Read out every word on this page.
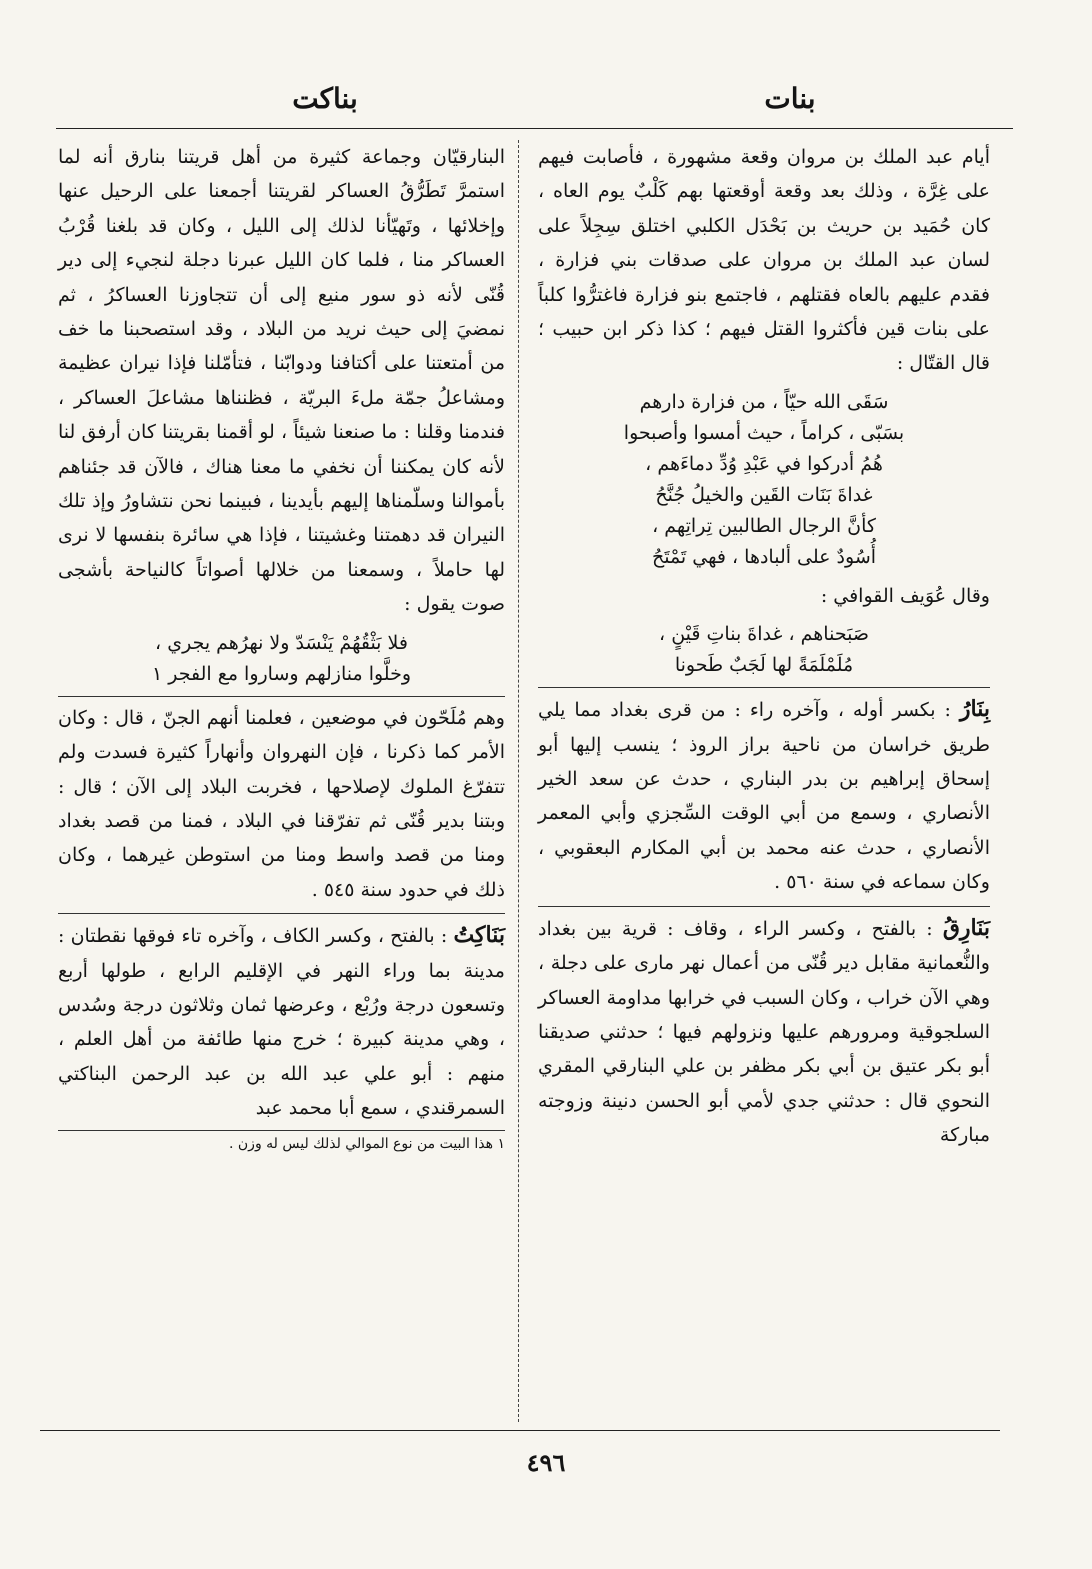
بنات
بناكت

أيام عبد الملك بن مروان وقعة مشهورة ، فأصابت فيهم على غِرَّة ، وذلك بعد وقعة أوقعتها بهم كَلْبٌ يوم العاه ، كان حُمَيد بن حريث بن بَحْدَل الكلبي اختلق سِجِلاً على لسان عبد الملك بن مروان على صدقات بني فزارة ، فقدم عليهم بالعاه فقتلهم ، فاجتمع بنو فزارة فاغترُّوا كلباً على بنات قين فأكثروا القتل فيهم ؛ كذا ذكر ابن حبيب ؛ قال القتّال :

سَقَى الله حيّاً ، من فزارة دارهم
بسَبّى ، كراماً ، حيث أمسوا وأصبحوا
هُمُ أدركوا في عَبْدِ وُدِّ دماءَهم ،
غداةَ بَنَات القَين والخيلُ جُنَّحُ
كأنَّ الرجال الطالبين تِراتِهم ،
أُسُودٌ على ألبادها ، فهي تَمْتَحُ

وقال عُوَيف القوافي :

صَبَحناهم ، غداةَ بناتِ قَيْنٍ ،
مُلَمْلَمَةً لها لَجَبٌ طَحونا

بِنَارُ : بكسر أوله ، وآخره راء : من قرى بغداد مما يلي طريق خراسان من ناحية براز الروذ ؛ ينسب إليها أبو إسحاق إبراهيم بن بدر البناري ، حدث عن سعد الخير الأنصاري ، وسمع من أبي الوقت السِّجزي وأبي المعمر الأنصاري ، حدث عنه محمد بن أبي المكارم البعقوبي ، وكان سماعه في سنة ٥٦٠ .

بَنَارِقُ : بالفتح ، وكسر الراء ، وقاف : قرية بين بغداد والنُّعمانية مقابل دير قُنّى من أعمال نهر مارى على دجلة ، وهي الآن خراب ، وكان السبب في خرابها مداومة العساكر السلجوقية ومرورهم عليها ونزولهم فيها ؛ حدثني صديقنا أبو بكر عتيق بن أبي بكر مظفر بن علي البنارقي المقري النحوي قال : حدثني جدي لأمي أبو الحسن دنينة وزوجته مباركة

البنارقيّان وجماعة كثيرة من أهل قريتنا بنارق أنه لما استمرَّ تَطَرُّقُ العساكر لقريتنا أجمعنا على الرحيل عنها وإخلائها ، وتَهيّأنا لذلك إلى الليل ، وكان قد بلغنا قُرْبُ العساكر منا ، فلما كان الليل عبرنا دجلة لنجيء إلى دير قُنّى لأنه ذو سور منيع إلى أن تتجاوزنا العساكرُ ، ثم نمضيَ إلى حيث نريد من البلاد ، وقد استصحبنا ما خف من أمتعتنا على أكتافنا ودوابّنا ، فتأمّلنا فإذا نيران عظيمة ومشاعلُ جمّة ملءَ البريّة ، فظنناها مشاعلَ العساكر ، فندمنا وقلنا : ما صنعنا شيئاً ، لو أقمنا بقريتنا كان أرفق لنا لأنه كان يمكننا أن نخفي ما معنا هناك ، فالآن قد جئناهم بأموالنا وسلّمناها إليهم بأيدينا ، فبينما نحن نتشاورُ وإذ تلك النيران قد دهمتنا وغشيتنا ، فإذا هي سائرة بنفسها لا نرى لها حاملاً ، وسمعنا من خلالها أصواتاً كالنياحة بأشجى صوت يقول :

فلا بَثْقُهُمْ يَنْسَدّ ولا نهرُهم يجري ،
وخلَّوا منازلهم وساروا مع الفجر ١

وهم مُلَحّون في موضعين ، فعلمنا أنهم الجنّ ، قال : وكان الأمر كما ذكرنا ، فإن النهروان وأنهاراً كثيرة فسدت ولم تتفرّغ الملوك لإصلاحها ، فخربت البلاد إلى الآن ؛ قال : وبتنا بدير قُنّى ثم تفرّقنا في البلاد ، فمنا من قصد بغداد ومنا من قصد واسط ومنا من استوطن غيرهما ، وكان ذلك في حدود سنة ٥٤٥ .

بَنَاكِتُ : بالفتح ، وكسر الكاف ، وآخره تاء فوقها نقطتان : مدينة بما وراء النهر في الإقليم الرابع ، طولها أربع وتسعون درجة ورُبْع ، وعرضها ثمان وثلاثون درجة وسُدس ، وهي مدينة كبيرة ؛ خرج منها طائفة من أهل العلم ، منهم : أبو علي عبد الله بن عبد الرحمن البناكتي السمرقندي ، سمع أبا محمد عبد

١ هذا البيت من نوع الموالي لذلك ليس له وزن .

٤٩٦
